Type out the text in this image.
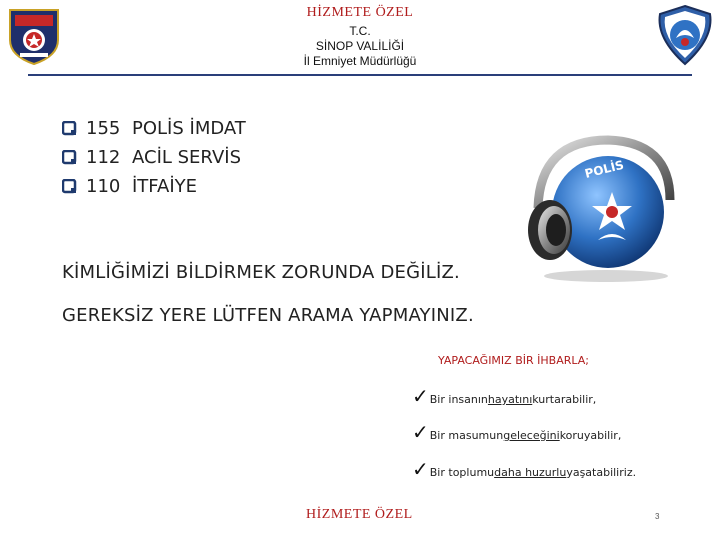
HİZMETE ÖZEL
T.C.
SİNOP VALİLİĞİ
İl Emniyet Müdürlüğü
155 POLİS İMDAT
112 ACİL SERVİS
110 İTFAİYE
POLİS
KİMLİĞİMİZİ BİLDİRMEK ZORUNDA DEĞİLİZ.
GEREKSİZ YERE LÜTFEN ARAMA YAPMAYINIZ.
YAPACAĞIMIZ BİR İHBARLA;
✓ Bir insanın hayatını kurtarabilir,
✓ Bir masumun geleceğini koruyabilir,
✓ Bir toplumu daha huzurlu yaşatabiliriz.
HİZMETE ÖZEL	3
